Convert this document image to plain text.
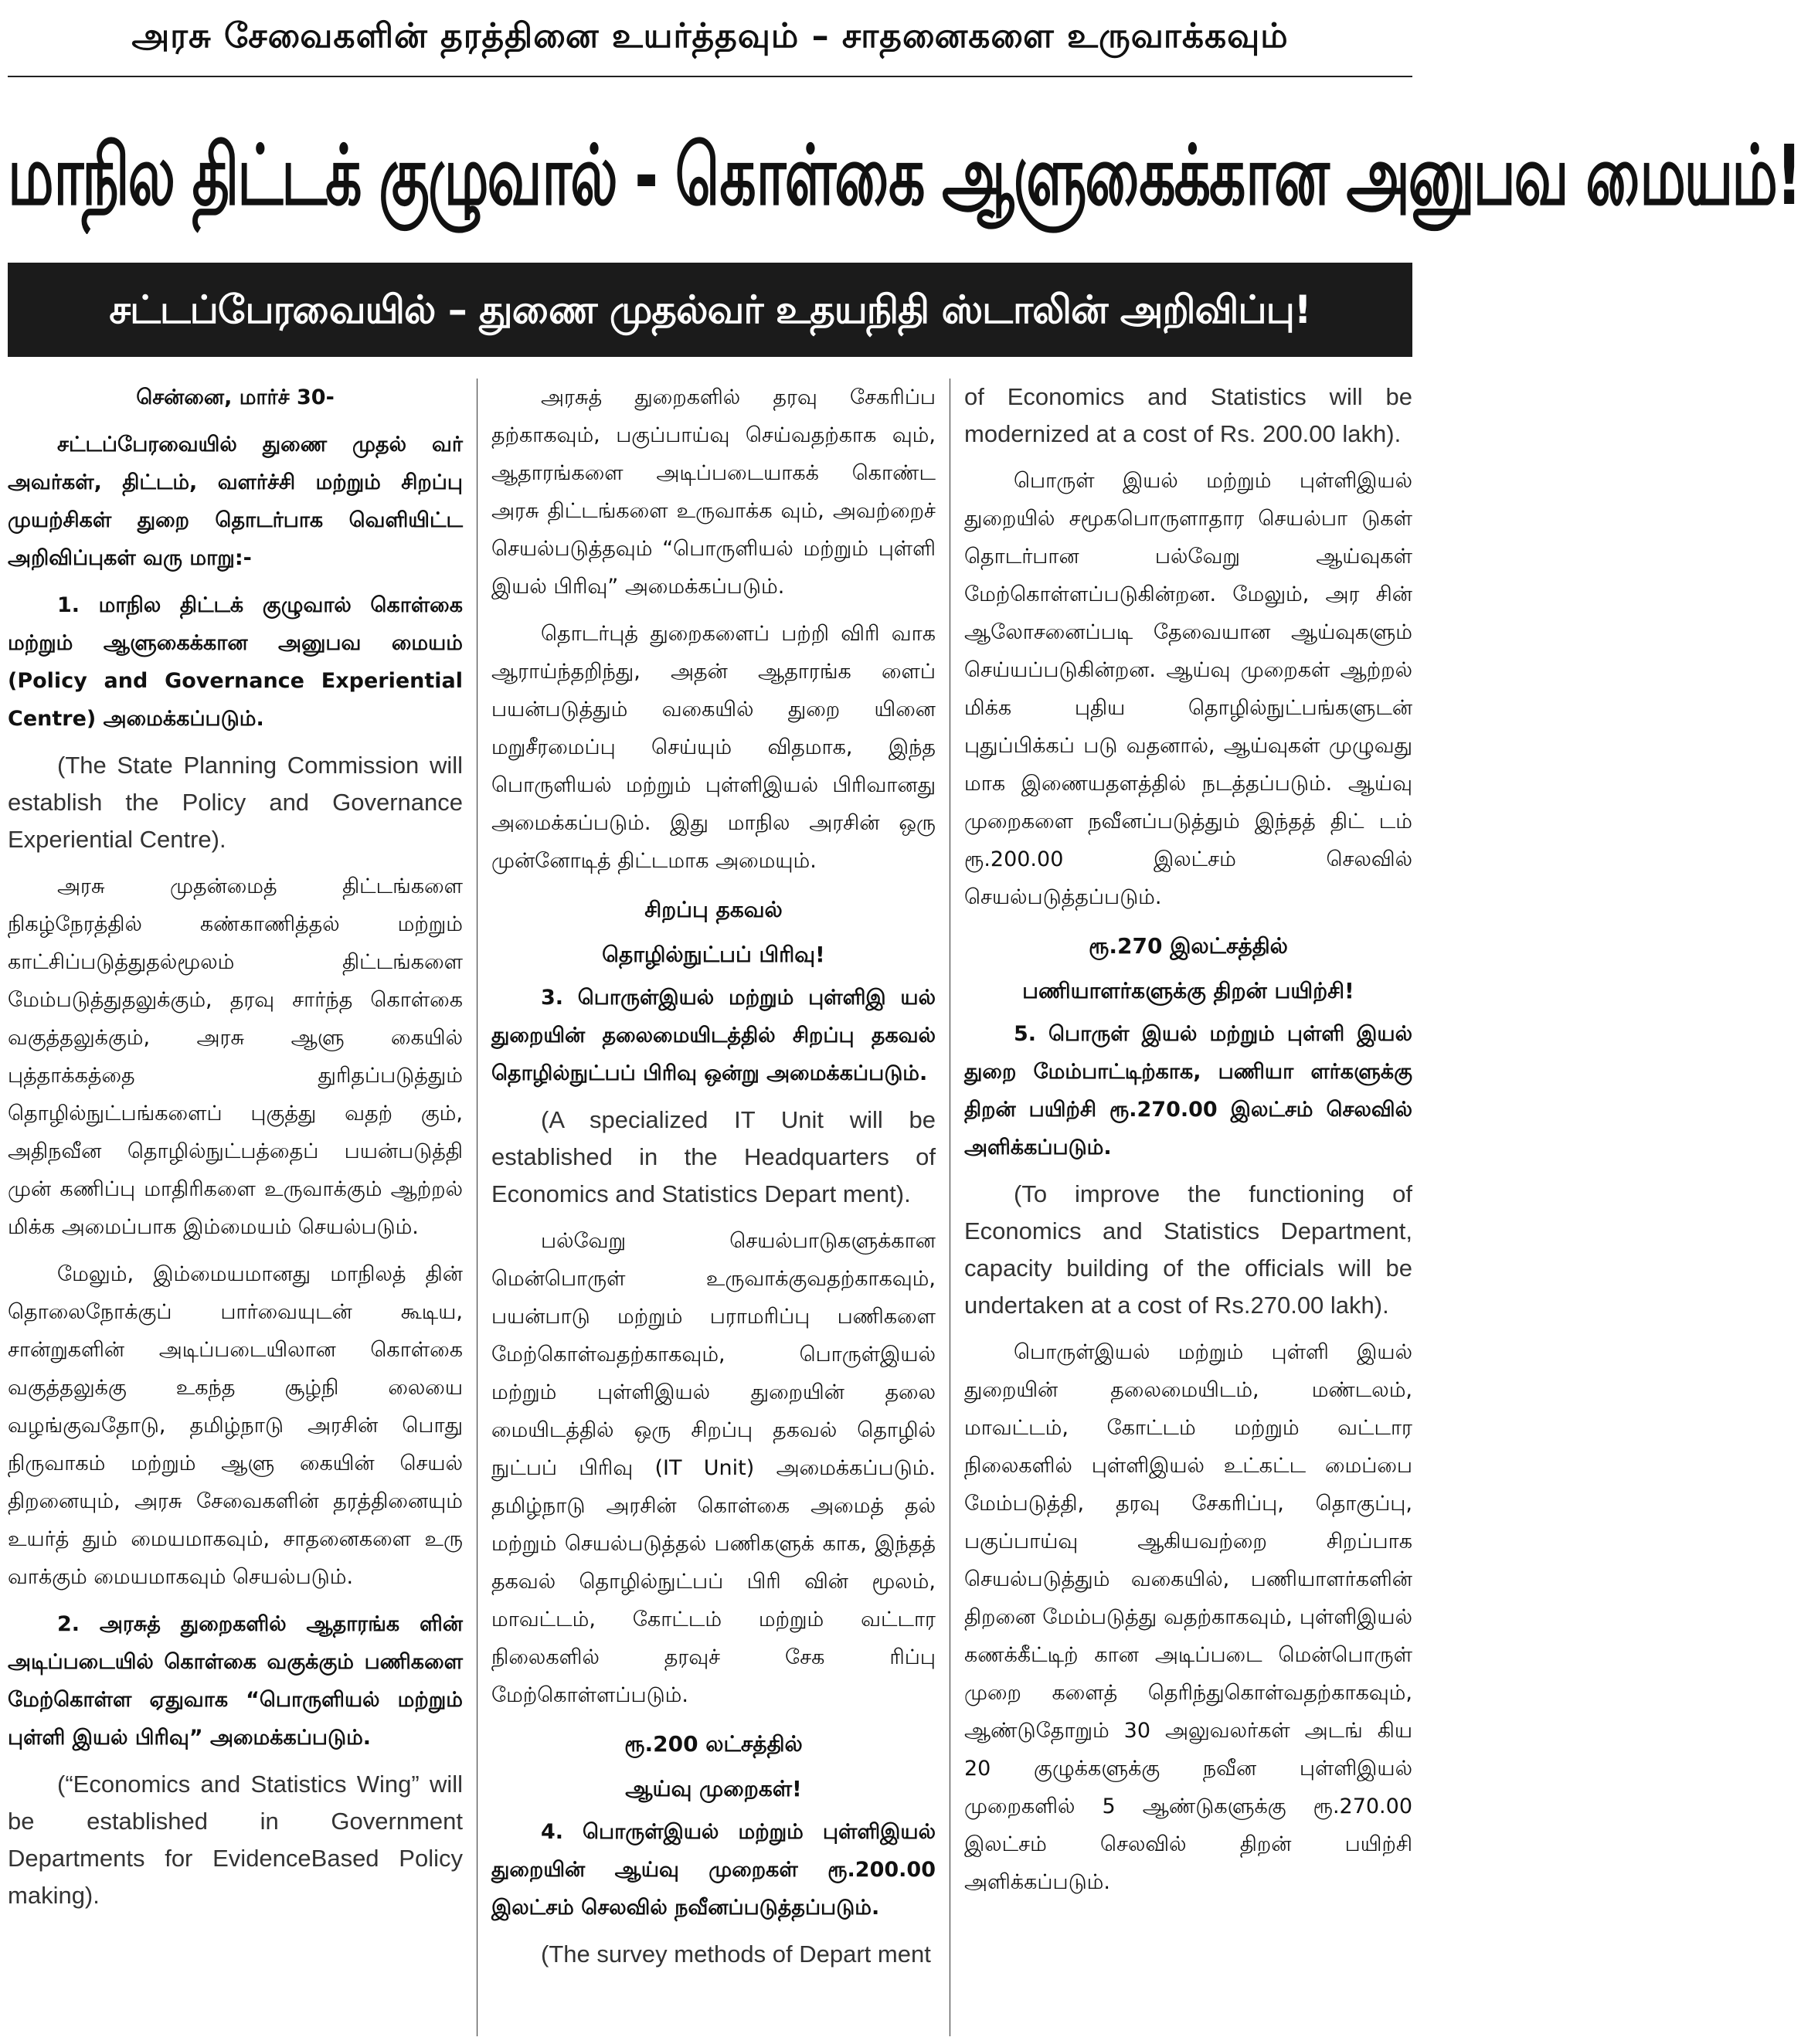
அரசு சேவைகளின் தரத்தினை உயர்த்தவும் – சாதனைகளை உருவாக்கவும்
மாநில திட்டக் குழுவால் - கொள்கை ஆளுகைக்கான அனுபவ மையம்!
சட்டப்பேரவையில் – துணை முதல்வர் உதயநிதி ஸ்டாலின் அறிவிப்பு!

சென்னை, மார்ச் 30-

சட்டப்பேரவையில் துணை முதல் வர் அவர்கள், திட்டம், வளர்ச்சி மற்றும் சிறப்பு முயற்சிகள் துறை தொடர்பாக வெளியிட்ட அறிவிப்புகள் வரு மாறு:-

1. மாநில திட்டக் குழுவால் கொள்கை மற்றும் ஆளுகைக்கான அனுபவ மையம் (Policy and Governance Experiential Centre) அமைக்கப்படும்.

(The State Planning Commission will establish the Policy and Governance Experiential Centre).

அரசு முதன்மைத் திட்டங்களை நிகழ்நேரத்தில் கண்காணித்தல் மற்றும் காட்சிப்படுத்துதல்மூலம் திட்டங்களை மேம்படுத்துதலுக்கும், தரவு சார்ந்த கொள்கை வகுத்தலுக்கும், அரசு ஆளு கையில் புத்தாக்கத்தை துரிதப்படுத்தும் தொழில்நுட்பங்களைப் புகுத்து வதற் கும், அதிநவீன தொழில்நுட்பத்தைப் பயன்படுத்தி முன் கணிப்பு மாதிரிகளை உருவாக்கும் ஆற்றல் மிக்க அமைப்பாக இம்மையம் செயல்படும்.

மேலும், இம்மையமானது மாநிலத் தின் தொலைநோக்குப் பார்வையுடன் கூடிய, சான்றுகளின் அடிப்படையிலான கொள்கை வகுத்தலுக்கு உகந்த சூழ்நி லையை வழங்குவதோடு, தமிழ்நாடு அரசின் பொது நிருவாகம் மற்றும் ஆளு கையின் செயல் திறனையும், அரசு சேவைகளின் தரத்தினையும் உயர்த் தும் மையமாகவும், சாதனைகளை உரு வாக்கும் மையமாகவும் செயல்படும்.

2. அரசுத் துறைகளில் ஆதாரங்க ளின் அடிப்படையில் கொள்கை வகுக்கும் பணிகளை மேற்கொள்ள ஏதுவாக “பொருளியல் மற்றும் புள்ளி இயல் பிரிவு” அமைக்கப்படும்.

(“Economics and Statistics Wing” will be established in Government Departments for EvidenceBased Policy making).

அரசுத் துறைகளில் தரவு சேகரிப்ப தற்காகவும், பகுப்பாய்வு செய்வதற்காக வும், ஆதாரங்களை அடிப்படையாகக் கொண்ட அரசு திட்டங்களை உருவாக்க வும், அவற்றைச் செயல்படுத்தவும் “பொருளியல் மற்றும் புள்ளி இயல் பிரிவு” அமைக்கப்படும்.

தொடர்புத் துறைகளைப் பற்றி விரி வாக ஆராய்ந்தறிந்து, அதன் ஆதாரங்க ளைப் பயன்படுத்தும் வகையில் துறை யினை மறுசீரமைப்பு செய்யும் விதமாக, இந்த பொருளியல் மற்றும் புள்ளிஇயல் பிரிவானது அமைக்கப்படும். இது மாநில அரசின் ஒரு முன்னோடித் திட்டமாக அமையும்.

சிறப்பு தகவல்
தொழில்நுட்பப் பிரிவு!

3. பொருள்இயல் மற்றும் புள்ளிஇ யல் துறையின் தலைமையிடத்தில் சிறப்பு தகவல் தொழில்நுட்பப் பிரிவு ஒன்று அமைக்கப்படும்.

(A specialized IT Unit will be established in the Headquarters of Economics and Statistics Depart ment).

பல்வேறு செயல்பாடுகளுக்கான மென்பொருள் உருவாக்குவதற்காகவும், பயன்பாடு மற்றும் பராமரிப்பு பணிகளை மேற்கொள்வதற்காகவும், பொருள்இயல் மற்றும் புள்ளிஇயல் துறையின் தலை மையிடத்தில் ஒரு சிறப்பு தகவல் தொழில் நுட்பப் பிரிவு (IT Unit) அமைக்கப்படும். தமிழ்நாடு அரசின் கொள்கை அமைத் தல் மற்றும் செயல்படுத்தல் பணிகளுக் காக, இந்தத் தகவல் தொழில்நுட்பப் பிரி வின் மூலம், மாவட்டம், கோட்டம் மற்றும் வட்டார நிலைகளில் தரவுச் சேக ரிப்பு மேற்கொள்ளப்படும்.

ரூ.200 லட்சத்தில்
ஆய்வு முறைகள்!

4. பொருள்இயல் மற்றும் புள்ளிஇயல் துறையின் ஆய்வு முறைகள் ரூ.200.00 இலட்சம் செலவில் நவீனப்படுத்தப்படும்.

(The survey methods of Depart ment

of Economics and Statistics will be modernized at a cost of Rs. 200.00 lakh).

பொருள் இயல் மற்றும் புள்ளிஇயல் துறையில் சமூகபொருளாதார செயல்பா டுகள் தொடர்பான பல்வேறு ஆய்வுகள் மேற்கொள்ளப்படுகின்றன. மேலும், அர சின் ஆலோசனைப்படி தேவையான ஆய்வுகளும் செய்யப்படுகின்றன. ஆய்வு முறைகள் ஆற்றல் மிக்க புதிய தொழில்நுட்பங்களுடன் புதுப்பிக்கப் படு வதனால், ஆய்வுகள் முழுவது மாக இணையதளத்தில் நடத்தப்படும். ஆய்வு முறைகளை நவீனப்படுத்தும் இந்தத் திட் டம் ரூ.200.00 இலட்சம் செலவில் செயல்படுத்தப்படும்.

ரூ.270 இலட்சத்தில்
பணியாளர்களுக்கு திறன் பயிற்சி!

5. பொருள் இயல் மற்றும் புள்ளி இயல் துறை மேம்பாட்டிற்காக, பணியா ளர்களுக்கு திறன் பயிற்சி ரூ.270.00 இலட்சம் செலவில் அளிக்கப்படும்.

(To improve the functioning of Economics and Statistics Department, capacity building of the officials will be undertaken at a cost of Rs.270.00 lakh).

பொருள்இயல் மற்றும் புள்ளி இயல் துறையின் தலைமையிடம், மண்டலம், மாவட்டம், கோட்டம் மற்றும் வட்டார நிலைகளில் புள்ளிஇயல் உட்கட்ட மைப்பை மேம்படுத்தி, தரவு சேகரிப்பு, தொகுப்பு, பகுப்பாய்வு ஆகியவற்றை சிறப்பாக செயல்படுத்தும் வகையில், பணியாளர்களின் திறனை மேம்படுத்து வதற்காகவும், புள்ளிஇயல் கணக்கீட்டிற் கான அடிப்படை மென்பொருள் முறை களைத் தெரிந்துகொள்வதற்காகவும், ஆண்டுதோறும் 30 அலுவலர்கள் அடங் கிய 20 குழுக்களுக்கு நவீன புள்ளிஇயல் முறைகளில் 5 ஆண்டுகளுக்கு ரூ.270.00 இலட்சம் செலவில் திறன் பயிற்சி அளிக்கப்படும்.
